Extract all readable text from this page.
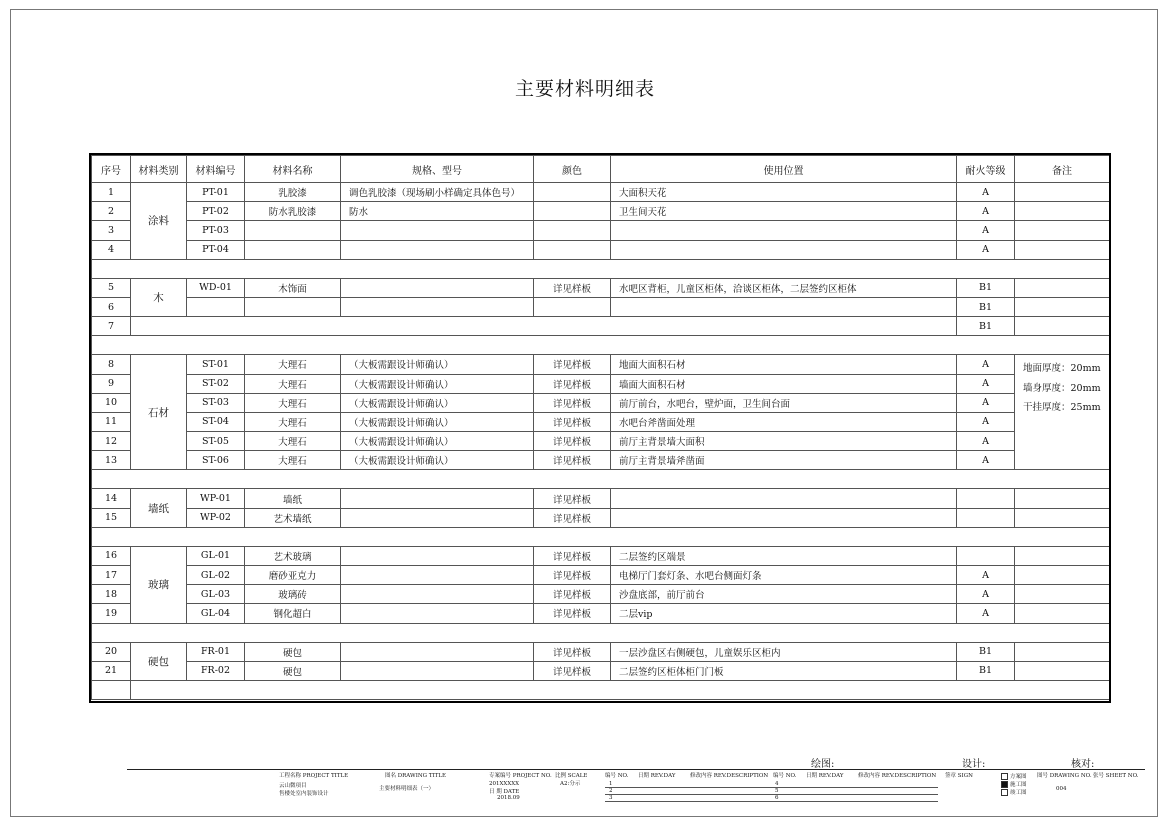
主要材料明细表
序号	材料类别	材料编号	材料名称	规格、型号	颜色	使用位置	耐火等级	备注
1	涂料	PT-01	乳胶漆	调色乳胶漆（现场刷小样确定具体色号）		大面积天花	A	
2		PT-02	防水乳胶漆	防水		卫生间天花	A	
3		PT-03					A	
4		PT-04					A	

5	木	WD-01	木饰面		详见样板	水吧区背柜，儿童区柜体，洽谈区柜体，二层签约区柜体	B1	
6							B1	
7							B1	

8	石材	ST-01	大理石	（大板需跟设计师确认）	详见样板	地面大面积石材	A	地面厚度：20mm
墙身厚度：20mm
干挂厚度：25mm

9		ST-02	大理石	（大板需跟设计师确认）	详见样板	墙面大面积石材	A	
10		ST-03	大理石	（大板需跟设计师确认）	详见样板	前厅前台，水吧台，壁炉面，卫生间台面	A	
11		ST-04	大理石	（大板需跟设计师确认）	详见样板	水吧台斧凿面处理	A	
12		ST-05	大理石	（大板需跟设计师确认）	详见样板	前厅主背景墙大面积	A	
13		ST-06	大理石	（大板需跟设计师确认）	详见样板	前厅主背景墙斧凿面	A	

14	墙纸	WP-01	墙纸		详见样板			
15		WP-02	艺术墙纸		详见样板			

16	玻璃	GL-01	艺术玻璃		详见样板	二层签约区端景		
17		GL-02	磨砂亚克力		详见样板	电梯厅门套灯条、水吧台侧面灯条	A	
18		GL-03	玻璃砖		详见样板	沙盘底部，前厅前台	A	
19		GL-04	钢化超白		详见样板	二层vip	A	

20	硬包	FR-01	硬包		详见样板	一层沙盘区右侧硬包，儿童娱乐区柜内	B1	
21		FR-02	硬包		详见样板	二层签约区柜体柜门门板	B1	

绘图:	设计:	核对:
工程名称 PROJECT TITLE
云山微项目
售楼处室内装饰设计
图名 DRAWING TITLE
主要材料明细表（一）
专案编号 PROJECT NO.
201XXXXX
比例 SCALE
A2:分示
日 期 DATE
2018.09
编号 NO. 日期 REV.DAY	修改内容 REV.DESCRIPTION 编号 NO. 日期 REV.DAY	修改内容 REV.DESCRIPTION
1
2
3
4
5
6
签章 SIGN	方案图
施工图
竣工图
图号 DRAWING NO.
004
张号 SHEET NO.
